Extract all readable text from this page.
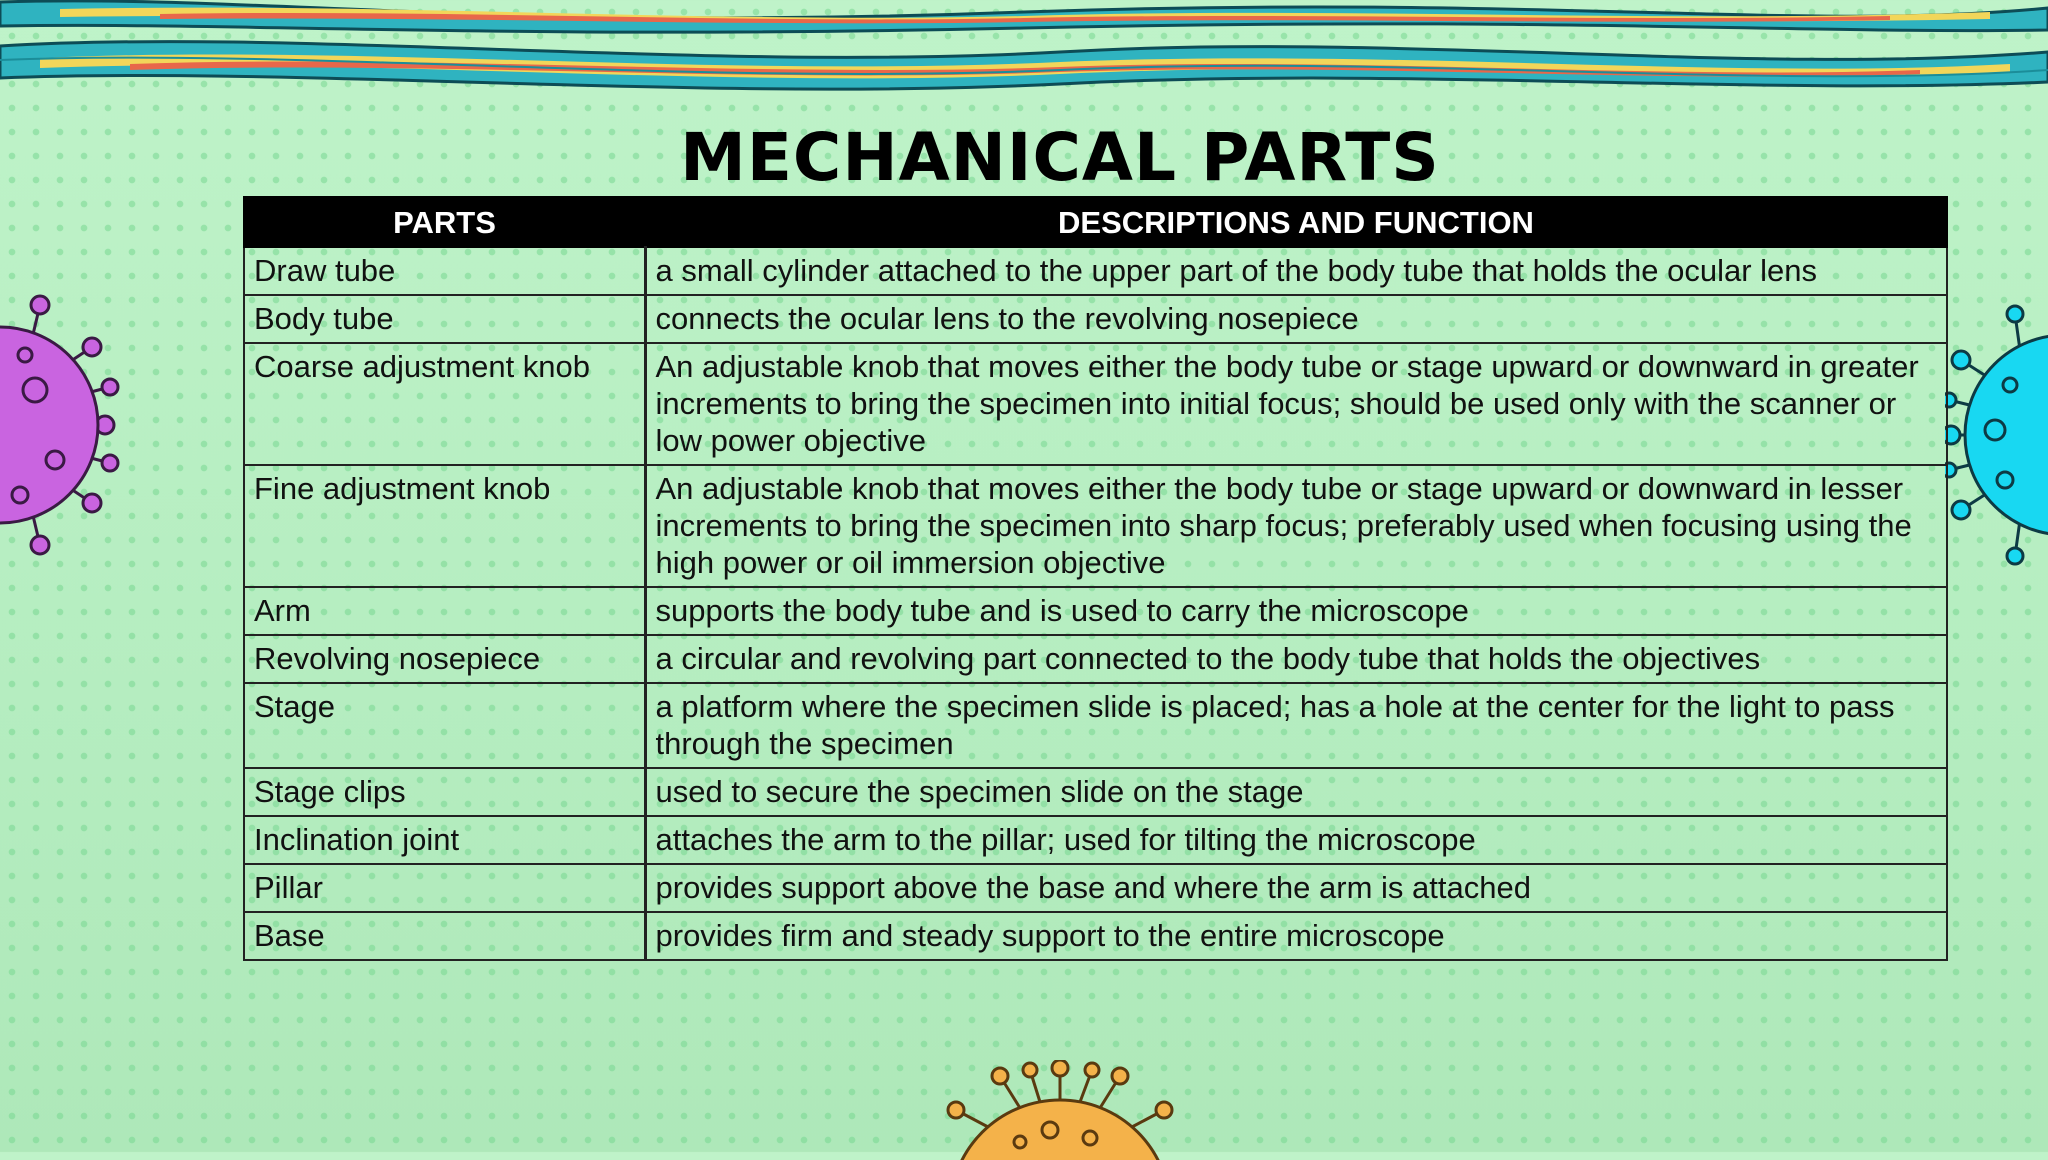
MECHANICAL PARTS
PARTS	DESCRIPTIONS AND FUNCTION
Draw tube	a small cylinder attached to the upper part of the body tube that holds the ocular lens
Body tube	connects the ocular lens to the revolving nosepiece
Coarse adjustment knob	An adjustable knob that moves either the body tube or stage upward or downward in greater increments to bring the specimen into initial focus; should be used only with the scanner or low power objective
Fine adjustment knob	An adjustable knob that moves either the body tube or stage upward or downward in lesser increments to bring the specimen into sharp focus; preferably used when focusing using the high power or oil immersion objective
Arm	supports the body tube and is used to carry the microscope
Revolving nosepiece	a circular and revolving part connected to the body tube that holds the objectives
Stage	a platform where the specimen slide is placed; has a hole at the center for the light to pass through the specimen
Stage clips	used to secure the specimen slide on the stage
Inclination joint	attaches the arm to the pillar; used for tilting the microscope
Pillar	provides support above the base and where the arm is attached
Base	provides firm and steady support to the entire microscope
